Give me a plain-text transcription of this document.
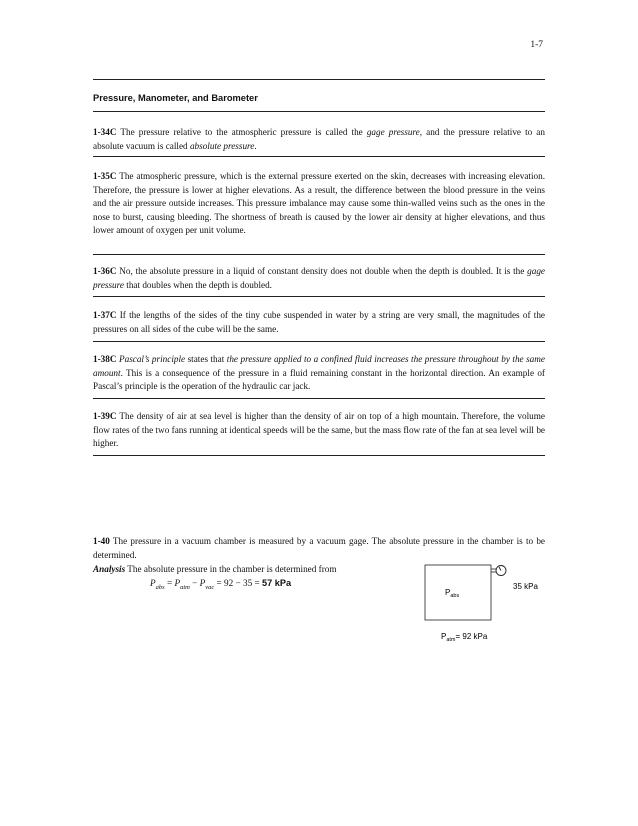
1-7
Pressure, Manometer, and Barometer

1-34C The pressure relative to the atmospheric pressure is called the gage pressure, and the pressure relative to an absolute vacuum is called absolute pressure.

1-35C The atmospheric pressure, which is the external pressure exerted on the skin, decreases with increasing elevation. Therefore, the pressure is lower at higher elevations. As a result, the difference between the blood pressure in the veins and the air pressure outside increases. This pressure imbalance may cause some thin-walled veins such as the ones in the nose to burst, causing bleeding. The shortness of breath is caused by the lower air density at higher elevations, and thus lower amount of oxygen per unit volume.

1-36C No, the absolute pressure in a liquid of constant density does not double when the depth is doubled. It is the gage pressure that doubles when the depth is doubled.

1-37C If the lengths of the sides of the tiny cube suspended in water by a string are very small, the magnitudes of the pressures on all sides of the cube will be the same.

1-38C Pascal’s principle states that the pressure applied to a confined fluid increases the pressure throughout by the same amount. This is a consequence of the pressure in a fluid remaining constant in the horizontal direction. An example of Pascal’s principle is the operation of the hydraulic car jack.

1-39C The density of air at sea level is higher than the density of air on top of a high mountain. Therefore, the volume flow rates of the two fans running at identical speeds will be the same, but the mass flow rate of the fan at sea level will be higher.

1-40 The pressure in a vacuum chamber is measured by a vacuum gage. The absolute pressure in the chamber is to be determined.

Analysis The absolute pressure in the chamber is determined from

$P_{abs} = P_{atm} - P_{vac} = 92 - 35 = 57$ kPa
$P_{abs}$
35 kPa
$P_{atm}= 92$ kPa
